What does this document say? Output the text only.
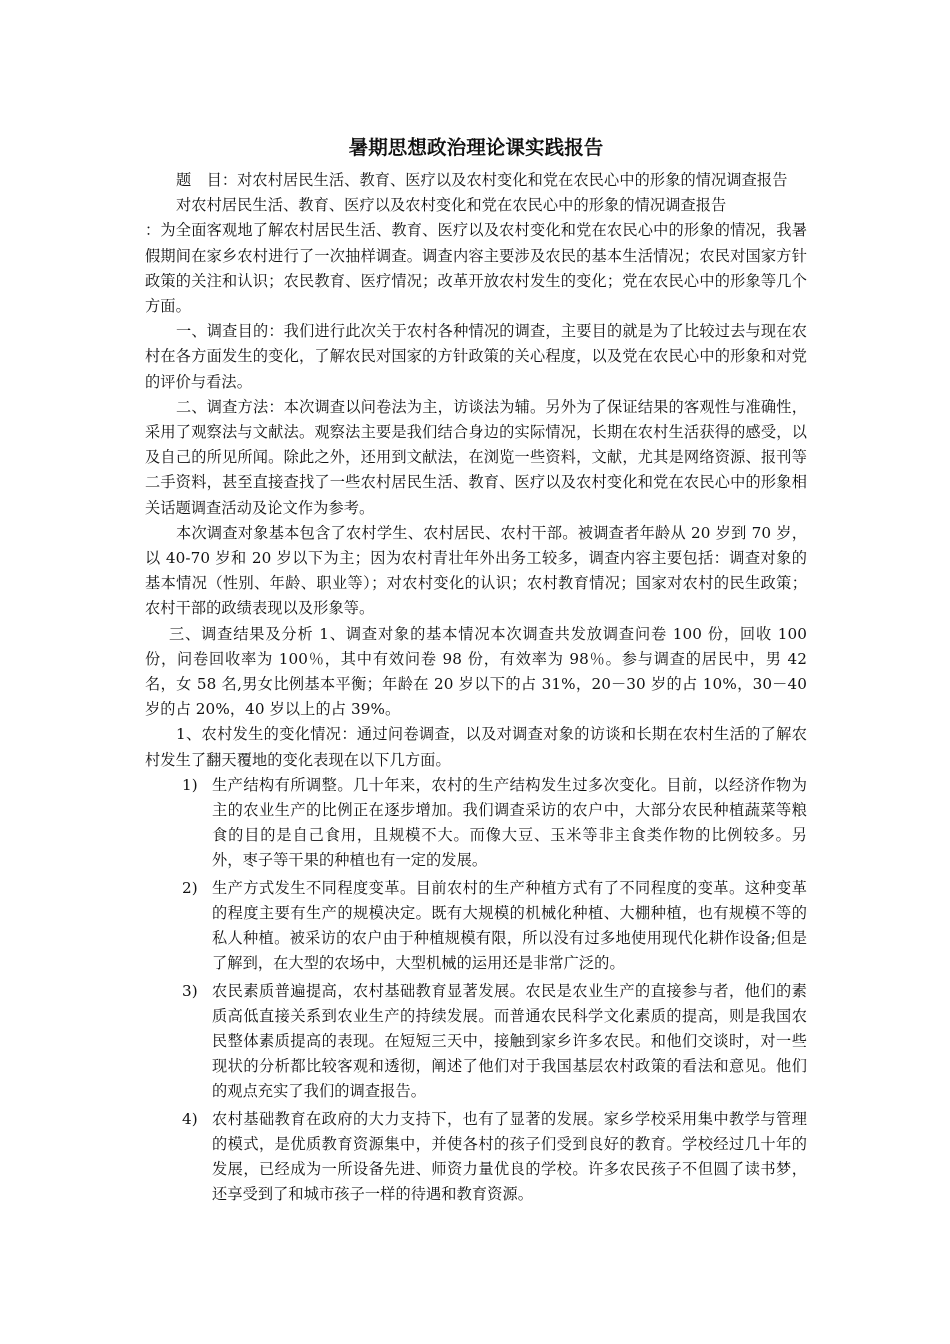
暑期思想政治理论课实践报告

题　目：对农村居民生活、教育、医疗以及农村变化和党在农民心中的形象的情况调查报告

对农村居民生活、教育、医疗以及农村变化和党在农民心中的形象的情况调查报告

：为全面客观地了解农村居民生活、教育、医疗以及农村变化和党在农民心中的形象的情况，我暑假期间在家乡农村进行了一次抽样调查。调查内容主要涉及农民的基本生活情况；农民对国家方针政策的关注和认识；农民教育、医疗情况；改革开放农村发生的变化；党在农民心中的形象等几个方面。

一、调查目的：我们进行此次关于农村各种情况的调查，主要目的就是为了比较过去与现在农村在各方面发生的变化，了解农民对国家的方针政策的关心程度，以及党在农民心中的形象和对党的评价与看法。

二、调查方法：本次调查以问卷法为主，访谈法为辅。另外为了保证结果的客观性与准确性，采用了观察法与文献法。观察法主要是我们结合身边的实际情况，长期在农村生活获得的感受，以及自己的所见所闻。除此之外，还用到文献法，在浏览一些资料，文献，尤其是网络资源、报刊等二手资料，甚至直接查找了一些农村居民生活、教育、医疗以及农村变化和党在农民心中的形象相关话题调查活动及论文作为参考。

本次调查对象基本包含了农村学生、农村居民、农村干部。被调查者年龄从 20 岁到 70 岁，以 40-70 岁和 20 岁以下为主；因为农村青壮年外出务工较多，调查内容主要包括：调查对象的基本情况（性别、年龄、职业等）；对农村变化的认识；农村教育情况；国家对农村的民生政策；农村干部的政绩表现以及形象等。

三、调查结果及分析 1、调查对象的基本情况本次调查共发放调查问卷 100 份，回收 100 份，问卷回收率为 100％，其中有效问卷 98 份，有效率为 98％。参与调查的居民中，男 42 名，女 58 名,男女比例基本平衡；年龄在 20 岁以下的占 31%，20－30 岁的占 10%，30－40 岁的占 20%，40 岁以上的占 39%。

1、农村发生的变化情况：通过问卷调查，以及对调查对象的访谈和长期在农村生活的了解农村发生了翻天覆地的变化表现在以下几方面。

1) 生产结构有所调整。几十年来，农村的生产结构发生过多次变化。目前，以经济作物为主的农业生产的比例正在逐步增加。我们调查采访的农户中，大部分农民种植蔬菜等粮食的目的是自己食用，且规模不大。而像大豆、玉米等非主食类作物的比例较多。另外，枣子等干果的种植也有一定的发展。
2) 生产方式发生不同程度变革。目前农村的生产种植方式有了不同程度的变革。这种变革的程度主要有生产的规模决定。既有大规模的机械化种植、大棚种植，也有规模不等的私人种植。被采访的农户由于种植规模有限，所以没有过多地使用现代化耕作设备;但是了解到，在大型的农场中，大型机械的运用还是非常广泛的。
3) 农民素质普遍提高，农村基础教育显著发展。农民是农业生产的直接参与者，他们的素质高低直接关系到农业生产的持续发展。而普通农民科学文化素质的提高，则是我国农民整体素质提高的表现。在短短三天中，接触到家乡许多农民。和他们交谈时，对一些现状的分析都比较客观和透彻，阐述了他们对于我国基层农村政策的看法和意见。他们的观点充实了我们的调查报告。
4) 农村基础教育在政府的大力支持下，也有了显著的发展。家乡学校采用集中教学与管理的模式，是优质教育资源集中，并使各村的孩子们受到良好的教育。学校经过几十年的发展，已经成为一所设备先进、师资力量优良的学校。许多农民孩子不但圆了读书梦，还享受到了和城市孩子一样的待遇和教育资源。
